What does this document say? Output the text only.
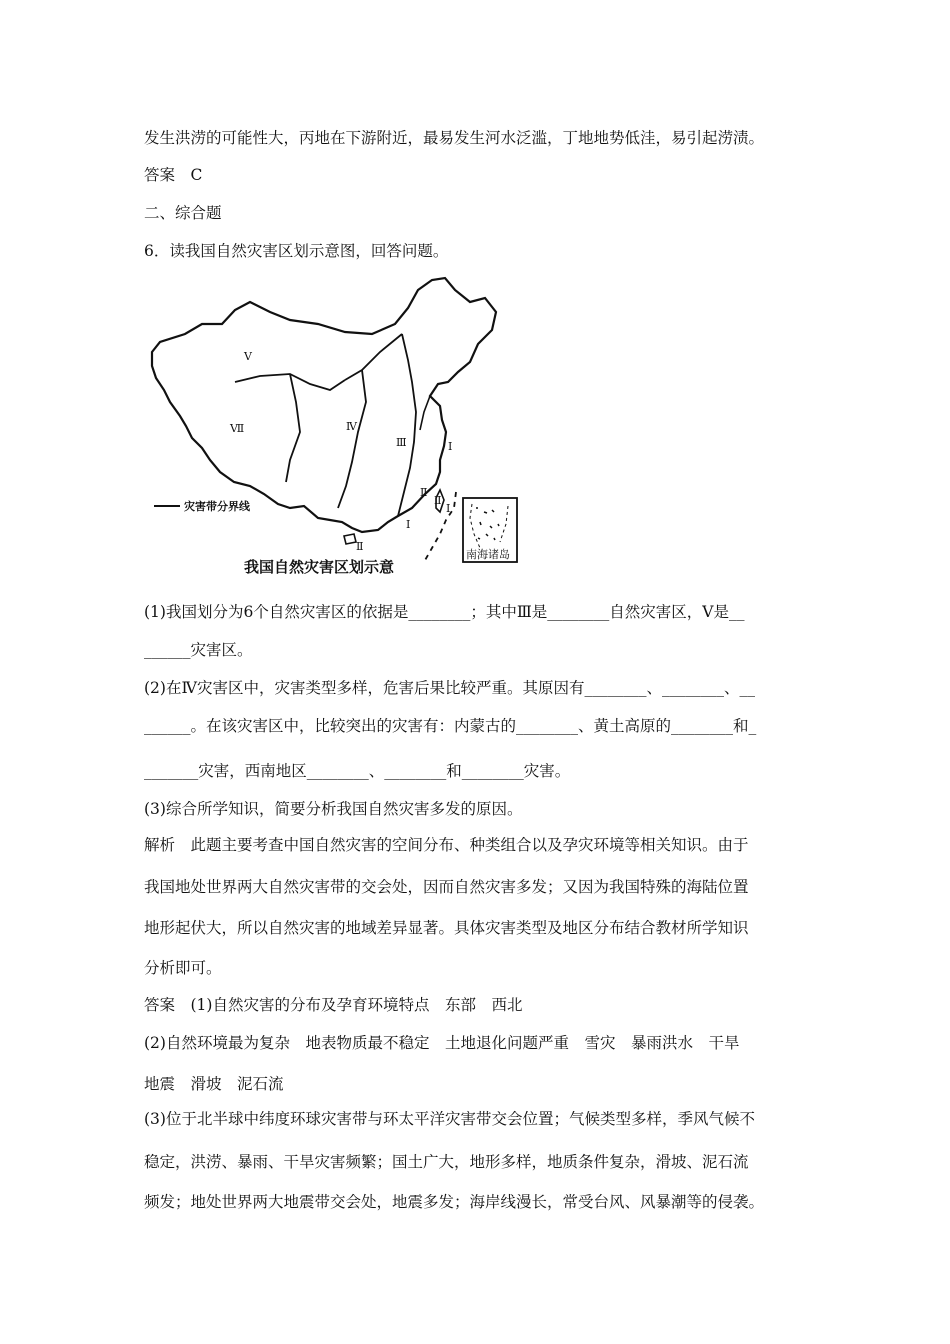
发生洪涝的可能性大，丙地在下游附近，最易发生河水泛滥，丁地地势低洼，易引起涝渍。
答案　C
二、综合题
6．读我国自然灾害区划示意图，回答问题。
灾害带分界线
南海诸岛
Ⅴ
Ⅶ	Ⅳ
Ⅲ	Ⅰ
Ⅱ
Ⅰ
Ⅱ
Ⅰ
Ⅱ
我国自然灾害区划示意
(1)我国划分为6个自然灾害区的依据是________；其中Ⅲ是________自然灾害区，Ⅴ是__
______灾害区。
(2)在Ⅳ灾害区中，灾害类型多样，危害后果比较严重。其原因有________、________、__
______。在该灾害区中，比较突出的灾害有：内蒙古的________、黄土高原的________和_
_______灾害，西南地区________、________和________灾害。
(3)综合所学知识，简要分析我国自然灾害多发的原因。
解析　此题主要考查中国自然灾害的空间分布、种类组合以及孕灾环境等相关知识。由于
我国地处世界两大自然灾害带的交会处，因而自然灾害多发；又因为我国特殊的海陆位置
地形起伏大，所以自然灾害的地域差异显著。具体灾害类型及地区分布结合教材所学知识
分析即可。
答案　(1)自然灾害的分布及孕育环境特点　东部　西北
(2)自然环境最为复杂　地表物质最不稳定　土地退化问题严重　雪灾　暴雨洪水　干旱
地震　滑坡　泥石流
(3)位于北半球中纬度环球灾害带与环太平洋灾害带交会位置；气候类型多样，季风气候不
稳定，洪涝、暴雨、干旱灾害频繁；国土广大，地形多样，地质条件复杂，滑坡、泥石流
频发；地处世界两大地震带交会处，地震多发；海岸线漫长，常受台风、风暴潮等的侵袭。
